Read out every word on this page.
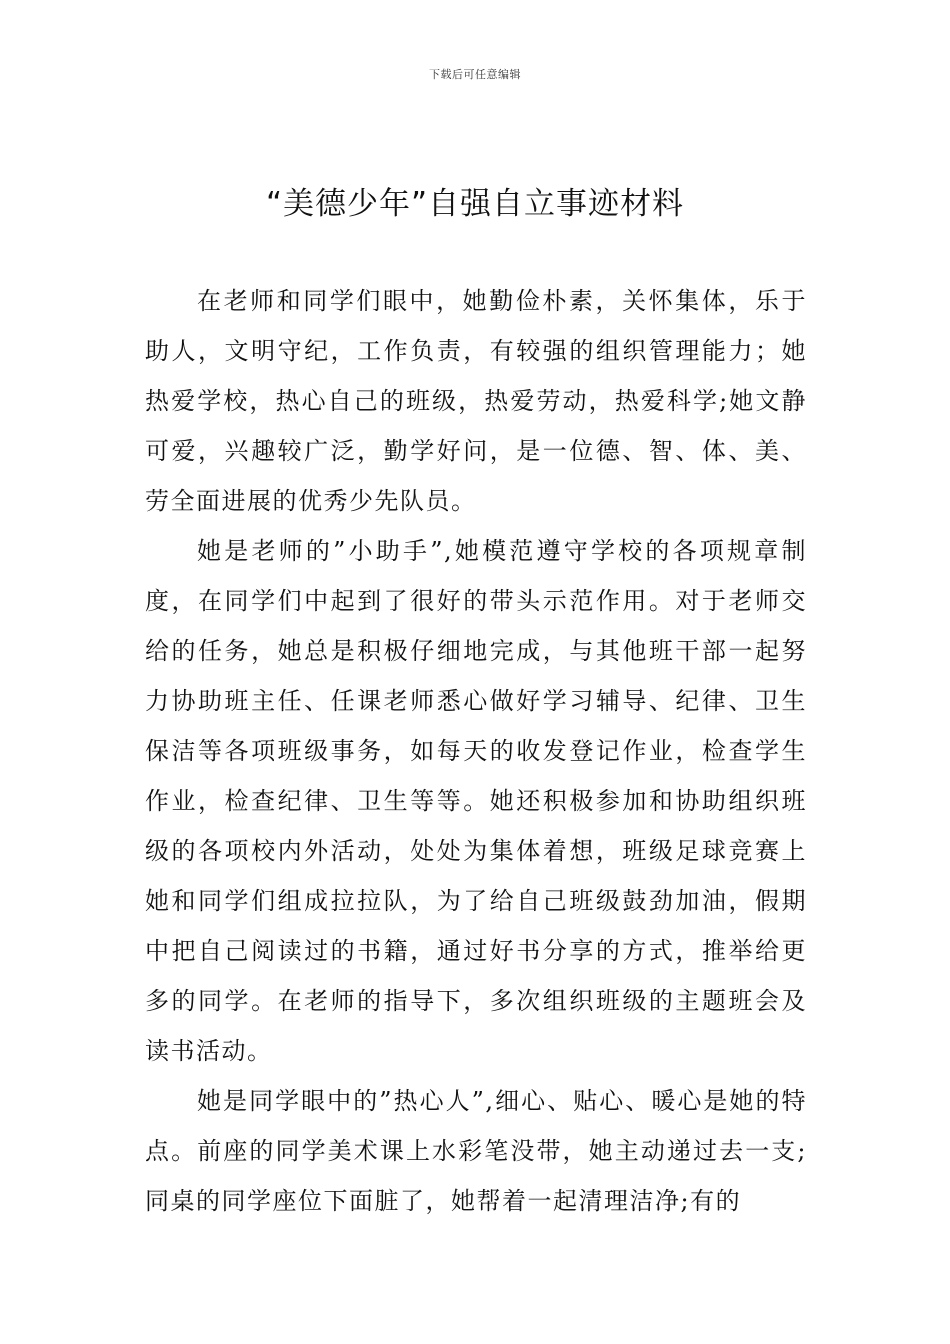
下载后可任意编辑
“美德少年”自强自立事迹材料

在老师和同学们眼中，她勤俭朴素，关怀集体，乐于助人，文明守纪，工作负责，有较强的组织管理能力；她热爱学校，热心自己的班级，热爱劳动，热爱科学;她文静可爱，兴趣较广泛，勤学好问，是一位德、智、体、美、劳全面进展的优秀少先队员。

她是老师的”小助手”,她模范遵守学校的各项规章制度，在同学们中起到了很好的带头示范作用。对于老师交给的任务，她总是积极仔细地完成，与其他班干部一起努力协助班主任、任课老师悉心做好学习辅导、纪律、卫生保洁等各项班级事务，如每天的收发登记作业，检查学生作业，检查纪律、卫生等等。她还积极参加和协助组织班级的各项校内外活动，处处为集体着想，班级足球竞赛上她和同学们组成拉拉队，为了给自己班级鼓劲加油，假期中把自己阅读过的书籍，通过好书分享的方式，推举给更多的同学。在老师的指导下，多次组织班级的主题班会及读书活动。

她是同学眼中的”热心人”,细心、贴心、暖心是她的特点。前座的同学美术课上水彩笔没带，她主动递过去一支;同桌的同学座位下面脏了，她帮着一起清理洁净;有的
